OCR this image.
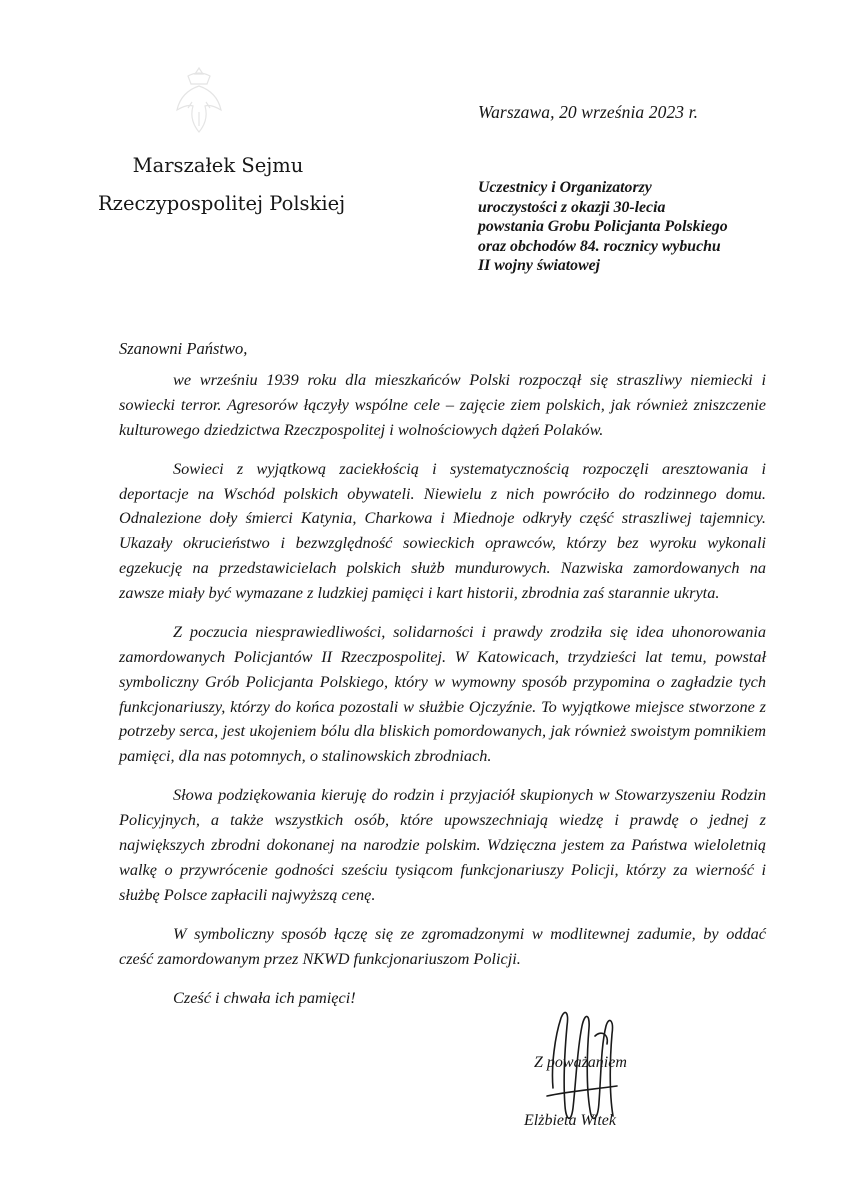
Warszawa, 20 września 2023 r.
Marszałek Sejmu
Rzeczypospolitej Polskiej
Uczestnicy i Organizatorzy
uroczystości z okazji 30-lecia
powstania Grobu Policjanta Polskiego
oraz obchodów 84. rocznicy wybuchu
II wojny światowej
Szanowni Państwo,

we wrześniu 1939 roku dla mieszkańców Polski rozpoczął się straszliwy niemiecki i sowiecki terror. Agresorów łączyły wspólne cele – zajęcie ziem polskich, jak również zniszczenie kulturowego dziedzictwa Rzeczpospolitej i wolnościowych dążeń Polaków.

Sowieci z wyjątkową zaciekłością i systematycznością rozpoczęli aresztowania i deportacje na Wschód polskich obywateli. Niewielu z nich powróciło do rodzinnego domu. Odnalezione doły śmierci Katynia, Charkowa i Miednoje odkryły część straszliwej tajemnicy. Ukazały okrucieństwo i bezwzględność sowieckich oprawców, którzy bez wyroku wykonali egzekucję na przedstawicielach polskich służb mundurowych. Nazwiska zamordowanych na zawsze miały być wymazane z ludzkiej pamięci i kart historii, zbrodnia zaś starannie ukryta.

Z poczucia niesprawiedliwości, solidarności i prawdy zrodziła się idea uhonorowania zamordowanych Policjantów II Rzeczpospolitej. W Katowicach, trzydzieści lat temu, powstał symboliczny Grób Policjanta Polskiego, który w wymowny sposób przypomina o zagładzie tych funkcjonariuszy, którzy do końca pozostali w służbie Ojczyźnie. To wyjątkowe miejsce stworzone z potrzeby serca, jest ukojeniem bólu dla bliskich pomordowanych, jak również swoistym pomnikiem pamięci, dla nas potomnych, o stalinowskich zbrodniach.

Słowa podziękowania kieruję do rodzin i przyjaciół skupionych w Stowarzyszeniu Rodzin Policyjnych, a także wszystkich osób, które upowszechniają wiedzę i prawdę o jednej z największych zbrodni dokonanej na narodzie polskim. Wdzięczna jestem za Państwa wieloletnią walkę o przywrócenie godności sześciu tysiącom funkcjonariuszy Policji, którzy za wierność i służbę Polsce zapłacili najwyższą cenę.

W symboliczny sposób łączę się ze zgromadzonymi w modlitewnej zadumie, by oddać cześć zamordowanym przez NKWD funkcjonariuszom Policji.

Cześć i chwała ich pamięci!

Z poważaniem
Elżbieta Witek
